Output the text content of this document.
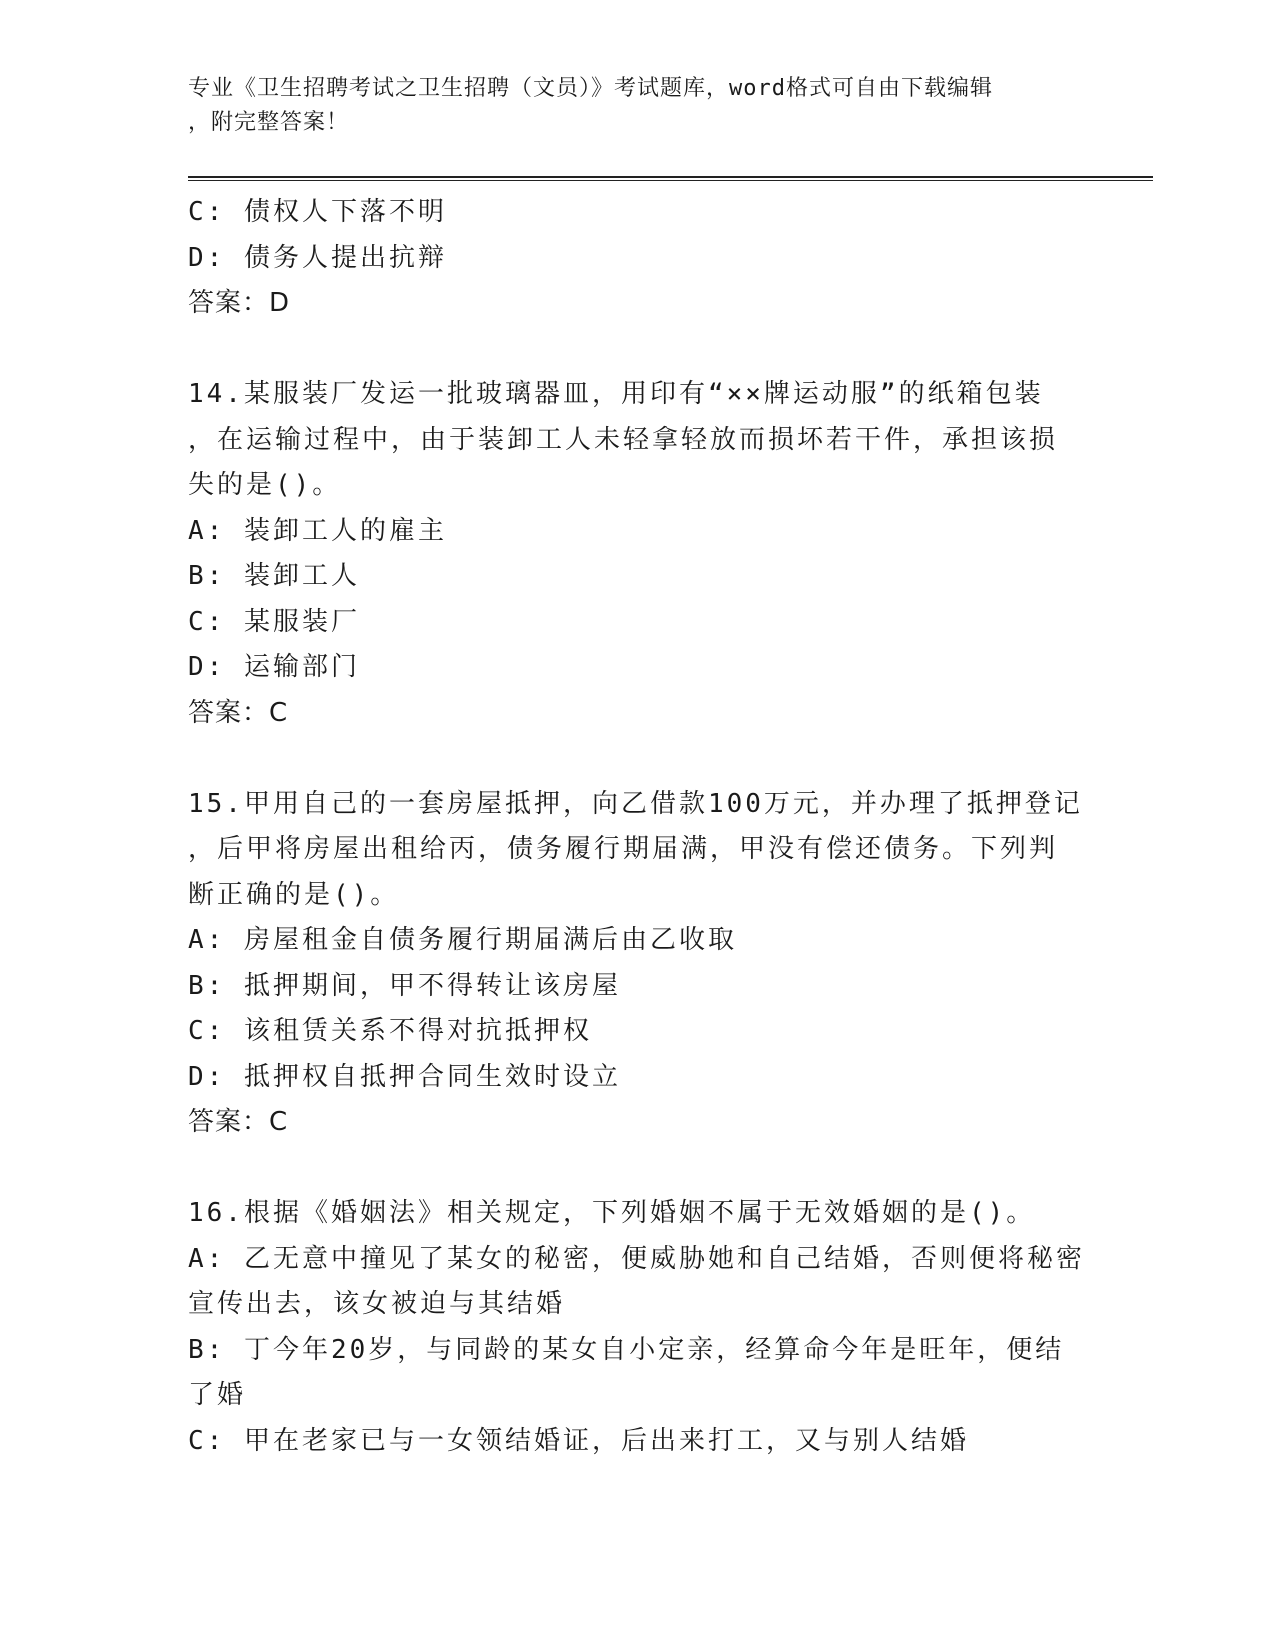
专业《卫生招聘考试之卫生招聘（文员）》考试题库，word格式可自由下载编辑
，附完整答案！
C: 债权人下落不明
D: 债务人提出抗辩
答案：D
14.某服装厂发运一批玻璃器皿，用印有“××牌运动服”的纸箱包装
，在运输过程中，由于装卸工人未轻拿轻放而损坏若干件，承担该损
失的是()。
A: 装卸工人的雇主
B: 装卸工人
C: 某服装厂
D: 运输部门
答案：C
15.甲用自己的一套房屋抵押，向乙借款100万元，并办理了抵押登记
，后甲将房屋出租给丙，债务履行期届满，甲没有偿还债务。下列判
断正确的是()。
A: 房屋租金自债务履行期届满后由乙收取
B: 抵押期间，甲不得转让该房屋
C: 该租赁关系不得对抗抵押权
D: 抵押权自抵押合同生效时设立
答案：C
16.根据《婚姻法》相关规定，下列婚姻不属于无效婚姻的是()。
A: 乙无意中撞见了某女的秘密，便威胁她和自己结婚，否则便将秘密
宣传出去，该女被迫与其结婚
B: 丁今年20岁，与同龄的某女自小定亲，经算命今年是旺年，便结
了婚
C: 甲在老家已与一女领结婚证，后出来打工，又与别人结婚
